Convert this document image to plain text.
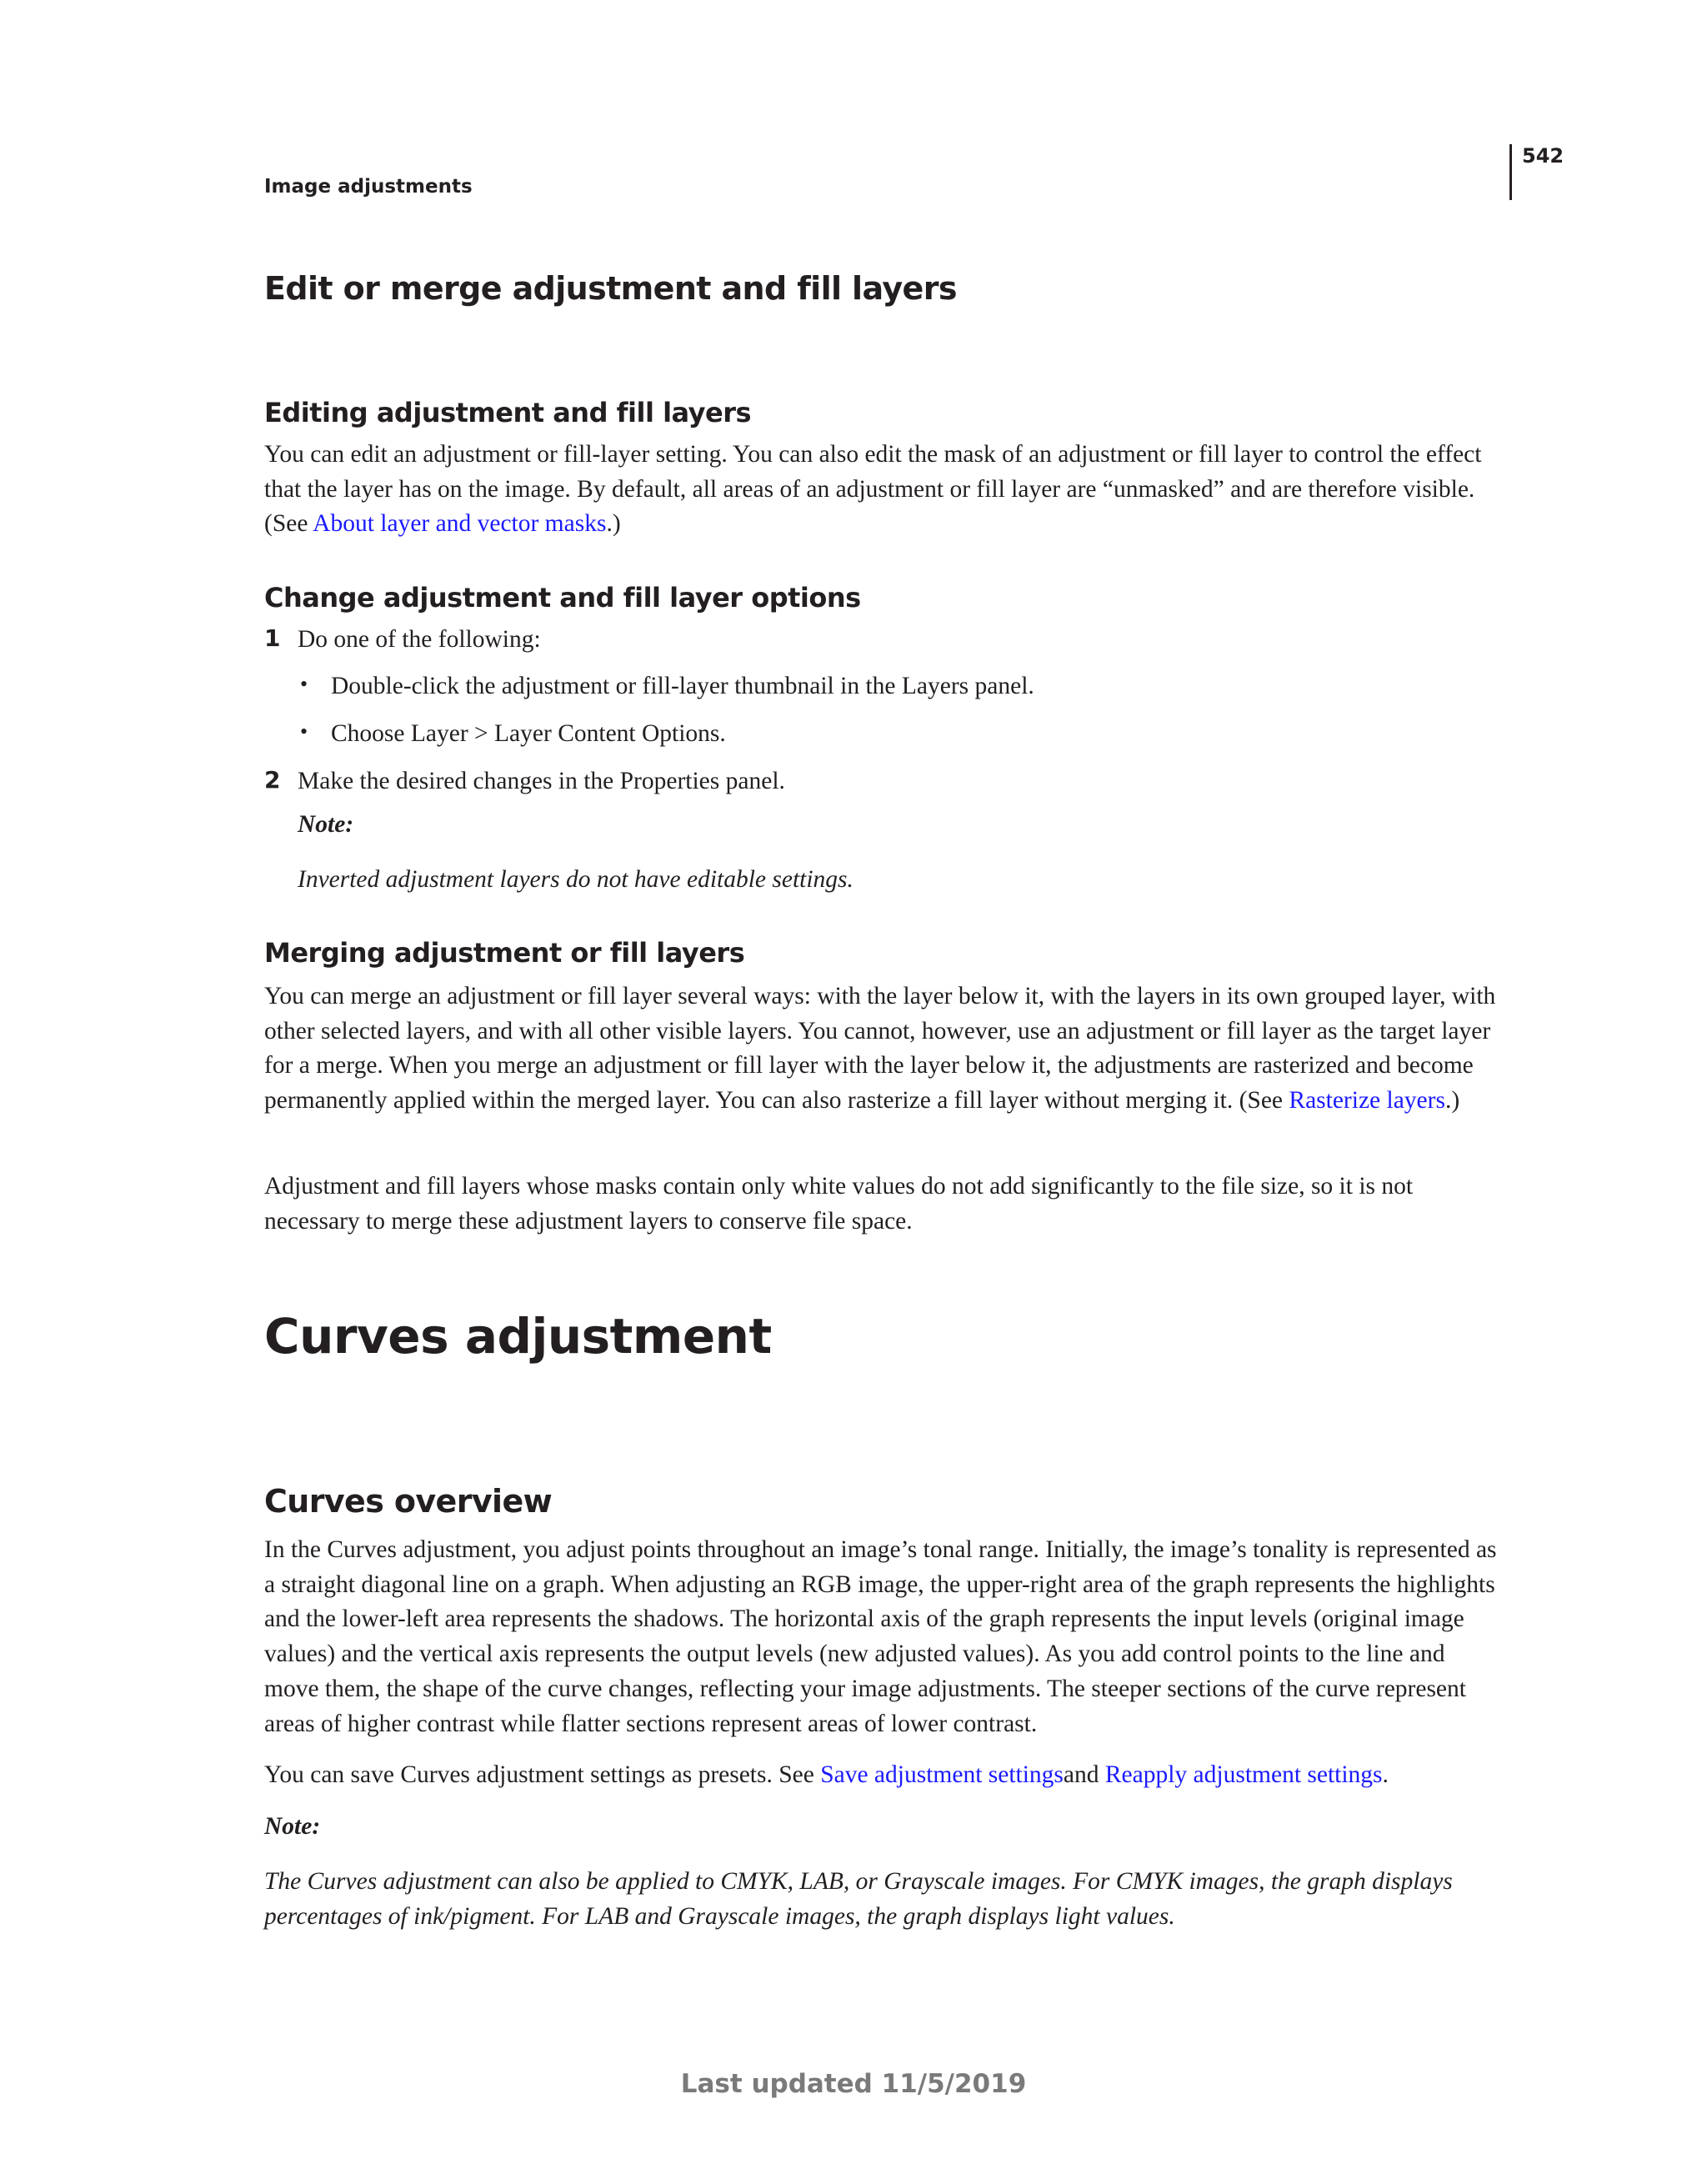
542
Image adjustments
Edit or merge adjustment and fill layers
Editing adjustment and fill layers

You can edit an adjustment or fill-layer setting. You can also edit the mask of an adjustment or fill layer to control the effect that the layer has on the image. By default, all areas of an adjustment or fill layer are “unmasked” and are therefore visible. (See About layer and vector masks.)

Change adjustment and fill layer options
1 Do one of the following:
• Double-click the adjustment or fill-layer thumbnail in the Layers panel.
• Choose Layer > Layer Content Options.
2 Make the desired changes in the Properties panel.
Note:
Inverted adjustment layers do not have editable settings.
Merging adjustment or fill layers

You can merge an adjustment or fill layer several ways: with the layer below it, with the layers in its own grouped layer, with other selected layers, and with all other visible layers. You cannot, however, use an adjustment or fill layer as the target layer for a merge. When you merge an adjustment or fill layer with the layer below it, the adjustments are rasterized and become permanently applied within the merged layer. You can also rasterize a fill layer without merging it. (See Rasterize layers.)

Adjustment and fill layers whose masks contain only white values do not add significantly to the file size, so it is not necessary to merge these adjustment layers to conserve file space.

Curves adjustment
Curves overview

In the Curves adjustment, you adjust points throughout an image’s tonal range. Initially, the image’s tonality is represented as a straight diagonal line on a graph. When adjusting an RGB image, the upper-right area of the graph represents the highlights and the lower-left area represents the shadows. The horizontal axis of the graph represents the input levels (original image values) and the vertical axis represents the output levels (new adjusted values). As you add control points to the line and move them, the shape of the curve changes, reflecting your image adjustments. The steeper sections of the curve represent areas of higher contrast while flatter sections represent areas of lower contrast.

You can save Curves adjustment settings as presets. See Save adjustment settingsand Reapply adjustment settings.

Note:

The Curves adjustment can also be applied to CMYK, LAB, or Grayscale images. For CMYK images, the graph displays percentages of ink/pigment. For LAB and Grayscale images, the graph displays light values.

Last updated 11/5/2019
